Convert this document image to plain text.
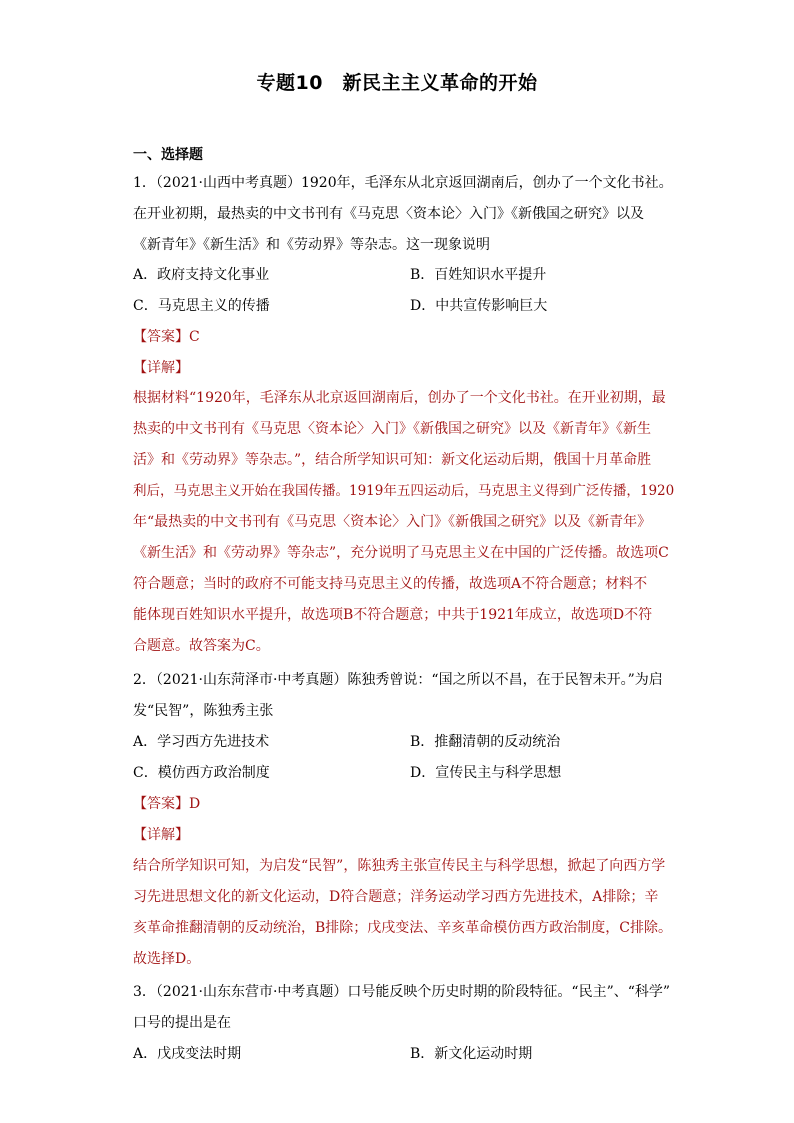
专题10　新民主主义革命的开始
一、选择题
1．（2021·山西中考真题）1920年，毛泽东从北京返回湖南后，创办了一个文化书社。
在开业初期，最热卖的中文书刊有《马克思〈资本论〉入门》《新俄国之研究》以及
《新青年》《新生活》和《劳动界》等杂志。这一现象说明
A．政府支持文化事业	B．百姓知识水平提升
C．马克思主义的传播	D．中共宣传影响巨大
【答案】C
【详解】
根据材料“1920年，毛泽东从北京返回湖南后，创办了一个文化书社。在开业初期，最
热卖的中文书刊有《马克思〈资本论〉入门》《新俄国之研究》以及《新青年》《新生
活》和《劳动界》等杂志。”，结合所学知识可知：新文化运动后期，俄国十月革命胜
利后，马克思主义开始在我国传播。1919年五四运动后，马克思主义得到广泛传播，1920
年“最热卖的中文书刊有《马克思〈资本论〉入门》《新俄国之研究》以及《新青年》
《新生活》和《劳动界》等杂志”，充分说明了马克思主义在中国的广泛传播。故选项C
符合题意；当时的政府不可能支持马克思主义的传播，故选项A不符合题意；材料不
能体现百姓知识水平提升，故选项B不符合题意；中共于1921年成立，故选项D不符
合题意。故答案为C。
2．（2021·山东菏泽市·中考真题）陈独秀曾说：“国之所以不昌，在于民智未开。”为启
发“民智”，陈独秀主张
A．学习西方先进技术	B．推翻清朝的反动统治
C．模仿西方政治制度	D．宣传民主与科学思想
【答案】D
【详解】
结合所学知识可知，为启发“民智”，陈独秀主张宣传民主与科学思想，掀起了向西方学
习先进思想文化的新文化运动，D符合题意；洋务运动学习西方先进技术，A排除；辛
亥革命推翻清朝的反动统治，B排除；戊戌变法、辛亥革命模仿西方政治制度，C排除。
故选择D。
3．（2021·山东东营市·中考真题）口号能反映个历史时期的阶段特征。“民主”、“科学”
口号的提出是在
A．戊戌变法时期	B．新文化运动时期
